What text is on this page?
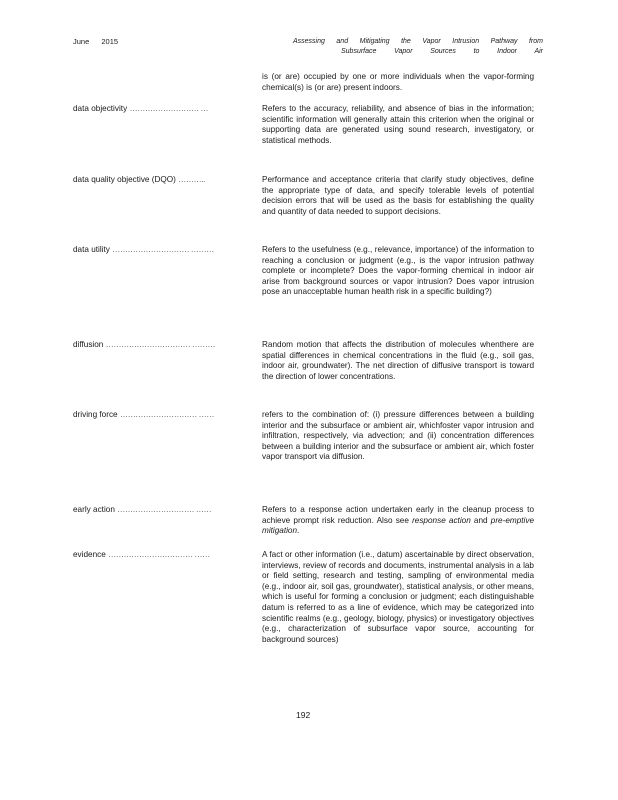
June 2015	Assessing and Mitigating the Vapor Intrusion Pathway from
Subsurface Vapor Sources to Indoor Air
is (or are) occupied by one or more individuals when the vapor-forming chemical(s) is (or are) present indoors.
data objectivity ……………………… …	Refers to the accuracy, reliability, and absence of bias in the information; scientific information will generally attain this criterion when the original or supporting data are generated using sound research, investigatory, or statistical methods.

data quality objective (DQO) ………..	Performance and acceptance criteria that clarify study objectives, define the appropriate type of data, and specify tolerable levels of potential decision errors that will be used as the basis for establishing the quality and quantity of data needed to support decisions.

data utility ………………………… ………	Refers to the usefulness (e.g., relevance, importance) of the information to reaching a conclusion or judgment (e.g., is the vapor intrusion pathway complete or incomplete? Does the vapor-forming chemical in indoor air arise from background sources or vapor intrusion? Does vapor intrusion pose an unacceptable human health risk in a specific building?)

diffusion …………………………… ………	Random motion that affects the distribution of molecules whenthere are spatial differences in chemical concentrations in the fluid (e.g., soil gas, indoor air, groundwater). The net direction of diffusive transport is toward the direction of lower concentrations.

driving force ………………………… ……	refers to the combination of: (i) pressure differences between a building interior and the subsurface or ambient air, whichfoster vapor intrusion and infiltration, respectively, via advection; and (ii) concentration differences between a building interior and the subsurface or ambient air, which foster vapor transport via diffusion.

early action ………………………… ……	Refers to a response action undertaken early in the cleanup process to achieve prompt risk reduction. Also see response action and pre-emptive mitigation.

evidence …………………………… ……	A fact or other information (i.e., datum) ascertainable by direct observation, interviews, review of records and documents, instrumental analysis in a lab or field setting, research and testing, sampling of environmental media (e.g., indoor air, soil gas, groundwater), statistical analysis, or other means, which is useful for forming a conclusion or judgment; each distinguishable datum is referred to as a line of evidence, which may be categorized into scientific realms (e.g., geology, biology, physics) or investigatory objectives (e.g., characterization of subsurface vapor source, accounting for background sources)

192
